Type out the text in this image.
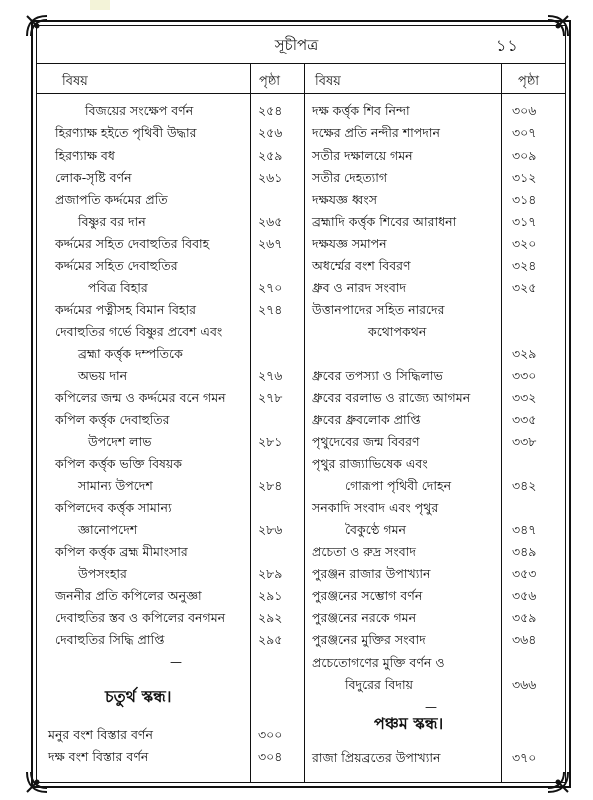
সূচীপত্র	১১
বিষয়	পৃষ্ঠা	বিষয়	পৃষ্ঠা
বিজয়ের সংক্ষেপ বর্ণন	২৫৪
হিরণ্যাক্ষ হইতে পৃথিবী উদ্ধার	২৫৬
হিরণ্যাক্ষ বধ	২৫৯
লোক-সৃষ্টি বর্ণন	২৬১
প্রজাপতি কর্দ্দমের প্রতি
বিষ্ণুর বর দান	২৬৫
কর্দ্দমের সহিত দেবাহুতির বিবাহ	২৬৭
কর্দ্দমের সহিত দেবাহুতির
পবিত্র বিহার	২৭০
কর্দ্দমের পত্নীসহ বিমান বিহার	২৭৪
দেবাহুতির গর্ভে বিষ্ণুর প্রবেশ এবং
ব্রহ্মা কর্ত্তৃক দম্পতিকে
অভয় দান	২৭৬
কপিলের জন্ম ও কর্দ্দমের বনে গমন	২৭৮
কপিল কর্ত্তৃক দেবাহুতির
উপদেশ লাভ	২৮১
কপিল কর্ত্তৃক ভক্তি বিষয়ক
সামান্য উপদেশ	২৮৪
কপিলদেব কর্ত্তৃক সামান্য
জ্ঞানোপদেশ	২৮৬
কপিল কর্ত্তৃক ব্রহ্ম মীমাংসার
উপসংহার	২৮৯
জননীর প্রতি কপিলের অনুজ্ঞা	২৯১
দেবাহুতির স্তব ও কপিলের বনগমন	২৯২
দেবাহুতির সিদ্ধি প্রাপ্তি	২৯৫
—
চতুর্থ স্কন্ধ।
মনুর বংশ বিস্তার বর্ণন	৩০০
দক্ষ বংশ বিস্তার বর্ণন	৩০৪
দক্ষ কর্ত্তৃক শিব নিন্দা	৩০৬
দক্ষের প্রতি নন্দীর শাপদান	৩০৭
সতীর দক্ষালয়ে গমন	৩০৯
সতীর দেহত্যাগ	৩১২
দক্ষযজ্ঞ ধ্বংস	৩১৪
ব্রহ্মাদি কর্ত্তৃক শিবের আরাধনা	৩১৭
দক্ষযজ্ঞ সমাপন	৩২০
অধর্ম্মের বংশ বিবরণ	৩২৪
ধ্রুব ও নারদ সংবাদ	৩২৫
উত্তানপাদের সহিত নারদের
কথোপকথন
৩২৯
ধ্রুবের তপস্যা ও সিদ্ধিলাভ	৩৩০
ধ্রুবের বরলাভ ও রাজ্যে আগমন	৩৩২
ধ্রুবের ধ্রুবলোক প্রাপ্তি	৩৩৫
পৃথুদেবের জন্ম বিবরণ	৩৩৮
পৃথুর রাজ্যাভিষেক এবং
গোরূপা পৃথিবী দোহন	৩৪২
সনকাদি সংবাদ এবং পৃথুর
বৈকুণ্ঠে গমন	৩৪৭
প্রচেতা ও রুদ্র সংবাদ	৩৪৯
পুরঞ্জন রাজার উপাখ্যান	৩৫৩
পুরঞ্জনের সম্ভোগ বর্ণন	৩৫৬
পুরঞ্জনের নরকে গমন	৩৫৯
পুরঞ্জনের মুক্তির সংবাদ	৩৬৪
প্রচেতোগণের মুক্তি বর্ণন ও
বিদুরের বিদায়	৩৬৬
—
পঞ্চম স্কন্ধ।
রাজা প্রিয়ব্রতের উপাখ্যান	৩৭০
